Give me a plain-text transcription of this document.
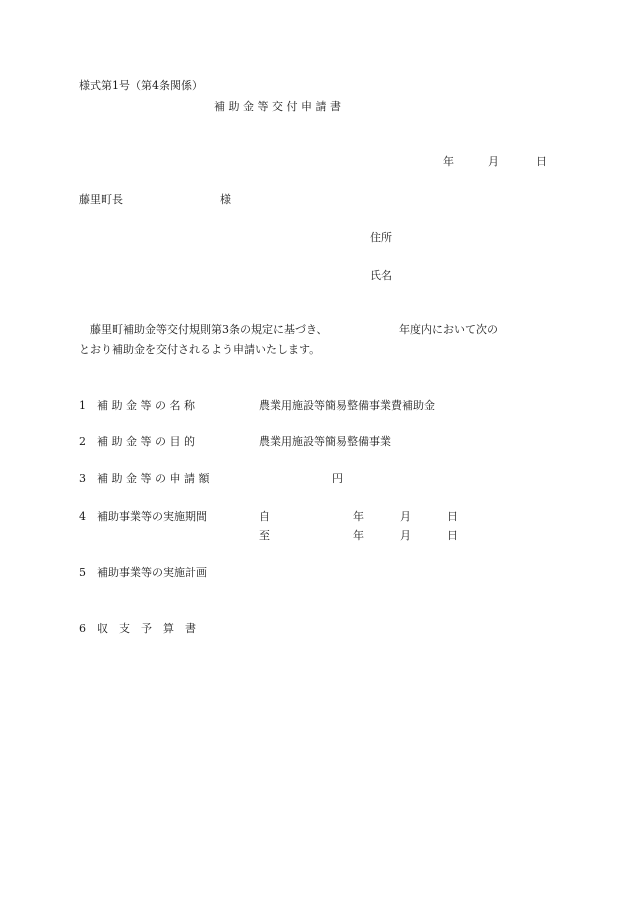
様式第1号（第4条関係）
補 助 金 等 交 付 申 請 書
年	月	日
藤里町長	様
住所
氏名
藤里町補助金等交付規則第3条の規定に基づき、	年度内において次の
とおり補助金を交付されるよう申請いたします。
1 補 助 金 等 の 名 称	農業用施設等簡易整備事業費補助金
2 補 助 金 等 の 目 的	農業用施設等簡易整備事業
3 補 助 金 等 の 申 請 額	円
4 補助事業等の実施期間	自	年	月	日
至	年	月	日
5 補助事業等の実施計画
6 収　支　予　算　書
